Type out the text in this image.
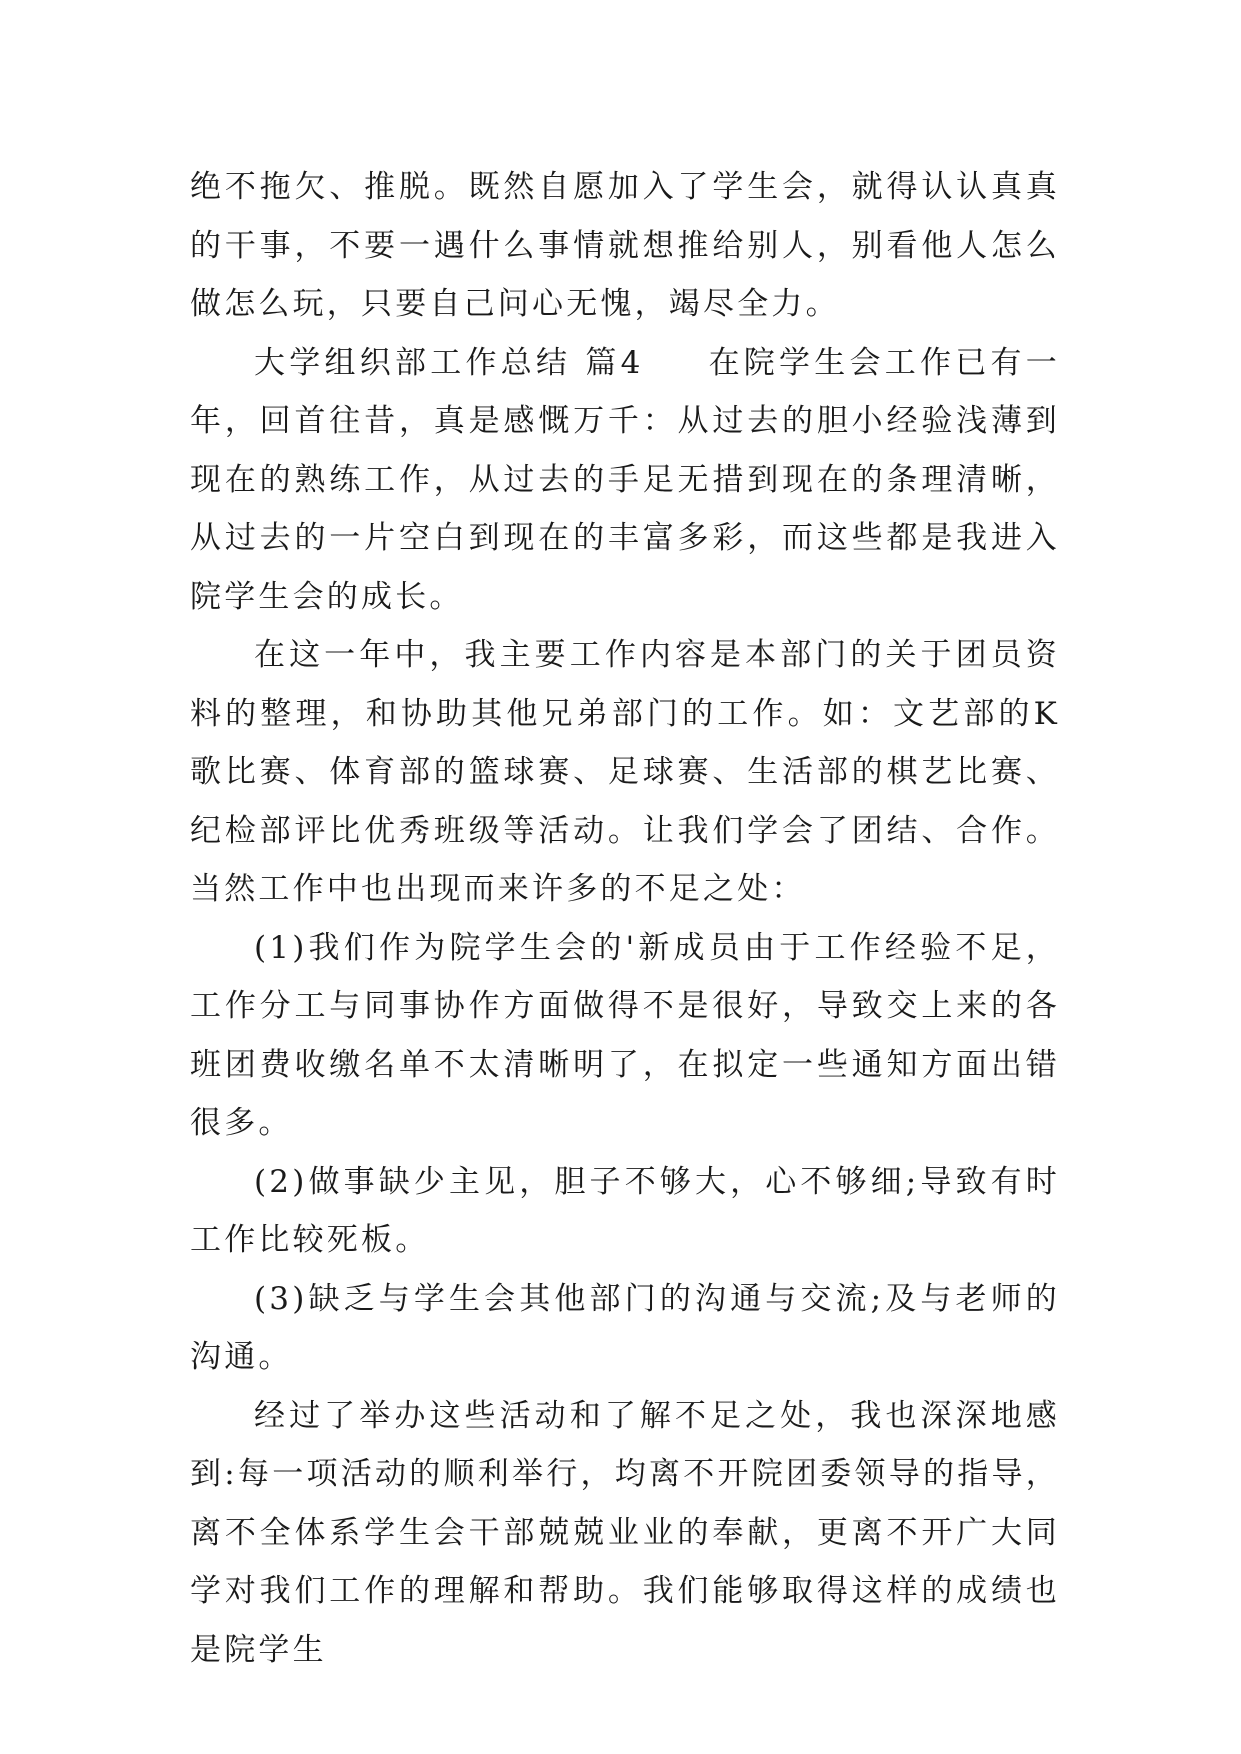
绝不拖欠、推脱。既然自愿加入了学生会，就得认认真真的干事，不要一遇什么事情就想推给别人，别看他人怎么做怎么玩，只要自己问心无愧，竭尽全力。

大学组织部工作总结 篇4 在院学生会工作已有一年，回首往昔，真是感慨万千：从过去的胆小经验浅薄到现在的熟练工作，从过去的手足无措到现在的条理清晰，从过去的一片空白到现在的丰富多彩，而这些都是我进入院学生会的成长。

在这一年中，我主要工作内容是本部门的关于团员资料的整理，和协助其他兄弟部门的工作。如：文艺部的K歌比赛、体育部的篮球赛、足球赛、生活部的棋艺比赛、纪检部评比优秀班级等活动。让我们学会了团结、合作。当然工作中也出现而来许多的不足之处：

(1)我们作为院学生会的'新成员由于工作经验不足，工作分工与同事协作方面做得不是很好，导致交上来的各班团费收缴名单不太清晰明了，在拟定一些通知方面出错很多。

(2)做事缺少主见，胆子不够大，心不够细;导致有时工作比较死板。

(3)缺乏与学生会其他部门的沟通与交流;及与老师的沟通。

经过了举办这些活动和了解不足之处，我也深深地感到:每一项活动的顺利举行，均离不开院团委领导的指导，离不全体系学生会干部兢兢业业的奉献，更离不开广大同学对我们工作的理解和帮助。我们能够取得这样的成绩也是院学生
